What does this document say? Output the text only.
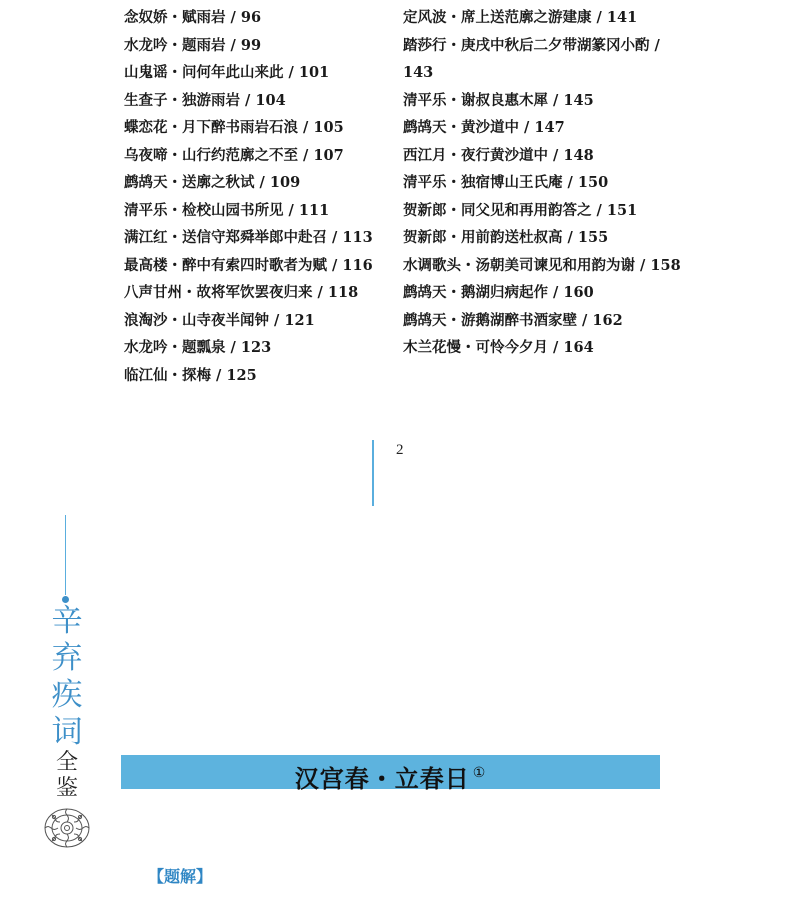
念奴娇・赋雨岩 / 96
水龙吟・题雨岩 / 99
山鬼谣・问何年此山来此 / 101
生查子・独游雨岩 / 104
蝶恋花・月下醉书雨岩石浪 / 105
乌夜啼・山行约范廓之不至 / 107
鹧鸪天・送廓之秋试 / 109
清平乐・检校山园书所见 / 111
满江红・送信守郑舜举郎中赴召 / 113
最高楼・醉中有索四时歌者为赋 / 116
八声甘州・故将军饮罢夜归来 / 118
浪淘沙・山寺夜半闻钟 / 121
水龙吟・题瓢泉 / 123
临江仙・探梅 / 125
定风波・席上送范廓之游建康 / 141
踏莎行・庚戌中秋后二夕带湖篆冈小酌 / 143
清平乐・谢叔良惠木犀 / 145
鹧鸪天・黄沙道中 / 147
西江月・夜行黄沙道中 / 148
清平乐・独宿博山王氏庵 / 150
贺新郎・同父见和再用韵答之 / 151
贺新郎・用前韵送杜叔高 / 155
水调歌头・汤朝美司谏见和用韵为谢 / 158
鹧鸪天・鹅湖归病起作 / 160
鹧鸪天・游鹅湖醉书酒家壁 / 162
木兰花慢・可怜今夕月 / 164
2
辛
弃
疾
词
全
鉴	汉宫春・立春日 ①
【题解】
